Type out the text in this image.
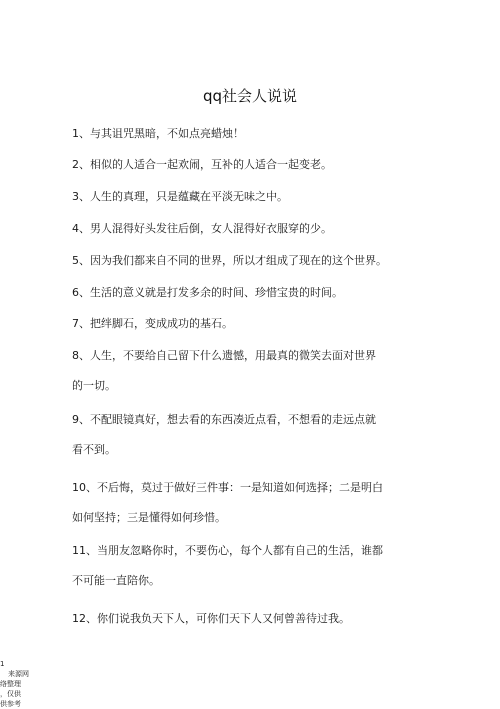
qq社会人说说
1、与其诅咒黑暗，不如点亮蜡烛！
2、相似的人适合一起欢闹，互补的人适合一起变老。
3、人生的真理，只是蕴藏在平淡无味之中。
4、男人混得好头发往后倒，女人混得好衣服穿的少。
5、因为我们都来自不同的世界，所以才组成了现在的这个世界。
6、生活的意义就是打发多余的时间、珍惜宝贵的时间。
7、把绊脚石，变成成功的基石。
8、人生，不要给自己留下什么遗憾，用最真的微笑去面对世界
的一切。
9、不配眼镜真好，想去看的东西凑近点看，不想看的走远点就
看不到。
10、不后悔，莫过于做好三件事：一是知道如何选择；二是明白
如何坚持；三是懂得如何珍惜。
11、当朋友忽略你时，不要伤心，每个人都有自己的生活，谁都
不可能一直陪你。
12、你们说我负天下人，可你们天下人又何曾善待过我。
1
来源网
络整理
，仅供
供参考
